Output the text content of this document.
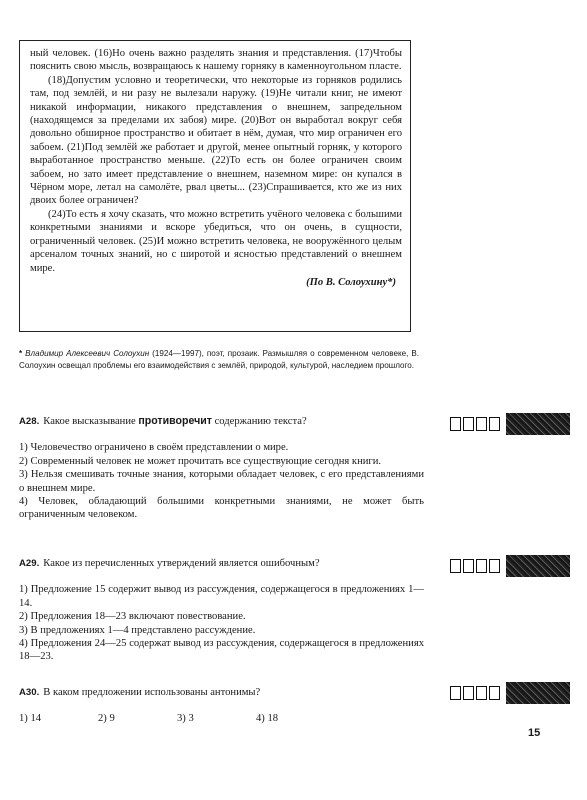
ный человек. (16)Но очень важно разделять знания и представления. (17)Чтобы пояснить свою мысль, возвращаюсь к нашему горняку в каменноугольном пласте.

(18)Допустим условно и теоретически, что некоторые из горняков родились там, под землёй, и ни разу не вылезали наружу. (19)Не читали книг, не имеют никакой информации, никакого представления о внешнем, запредельном (находящемся за пределами их забоя) мире. (20)Вот он выработал вокруг себя довольно обширное пространство и обитает в нём, думая, что мир ограничен его забоем. (21)Под землёй же работает и другой, менее опытный горняк, у которого выработанное пространство меньше. (22)То есть он более ограничен своим забоем, но зато имеет представление о внешнем, наземном мире: он купался в Чёрном море, летал на самолёте, рвал цветы... (23)Спрашивается, кто же из них двоих более ограничен?

(24)То есть я хочу сказать, что можно встретить учёного человека с большими конкретными знаниями и вскоре убедиться, что он очень, в сущности, ограниченный человек. (25)И можно встретить человека, не вооружённого целым арсеналом точных знаний, но с широтой и ясностью представлений о внешнем мире.

(По В. Солоухину*)

* Владимир Алексеевич Солоухин (1924—1997), поэт, прозаик. Размышляя о современном человеке, В. Солоухин освещал проблемы его взаимодействия с землёй, природой, культурой, наследием прошлого.

А28. Какое высказывание противоречит содержанию текста?

1) Человечество ограничено в своём представлении о мире.
2) Современный человек не может прочитать все существующие сегодня книги.
3) Нельзя смешивать точные знания, которыми обладает человек, с его представлениями о внешнем мире.
4) Человек, обладающий большими конкретными знаниями, не может быть ограниченным человеком.

А29. Какое из перечисленных утверждений является ошибочным?

1) Предложение 15 содержит вывод из рассуждения, содержащегося в предложениях 1—14.
2) Предложения 18—23 включают повествование.
3) В предложениях 1—4 представлено рассуждение.
4) Предложения 24—25 содержат вывод из рассуждения, содержащегося в предложениях 18—23.

А30. В каком предложении использованы антонимы?

1) 14	2) 9	3) 3	4) 18
15
